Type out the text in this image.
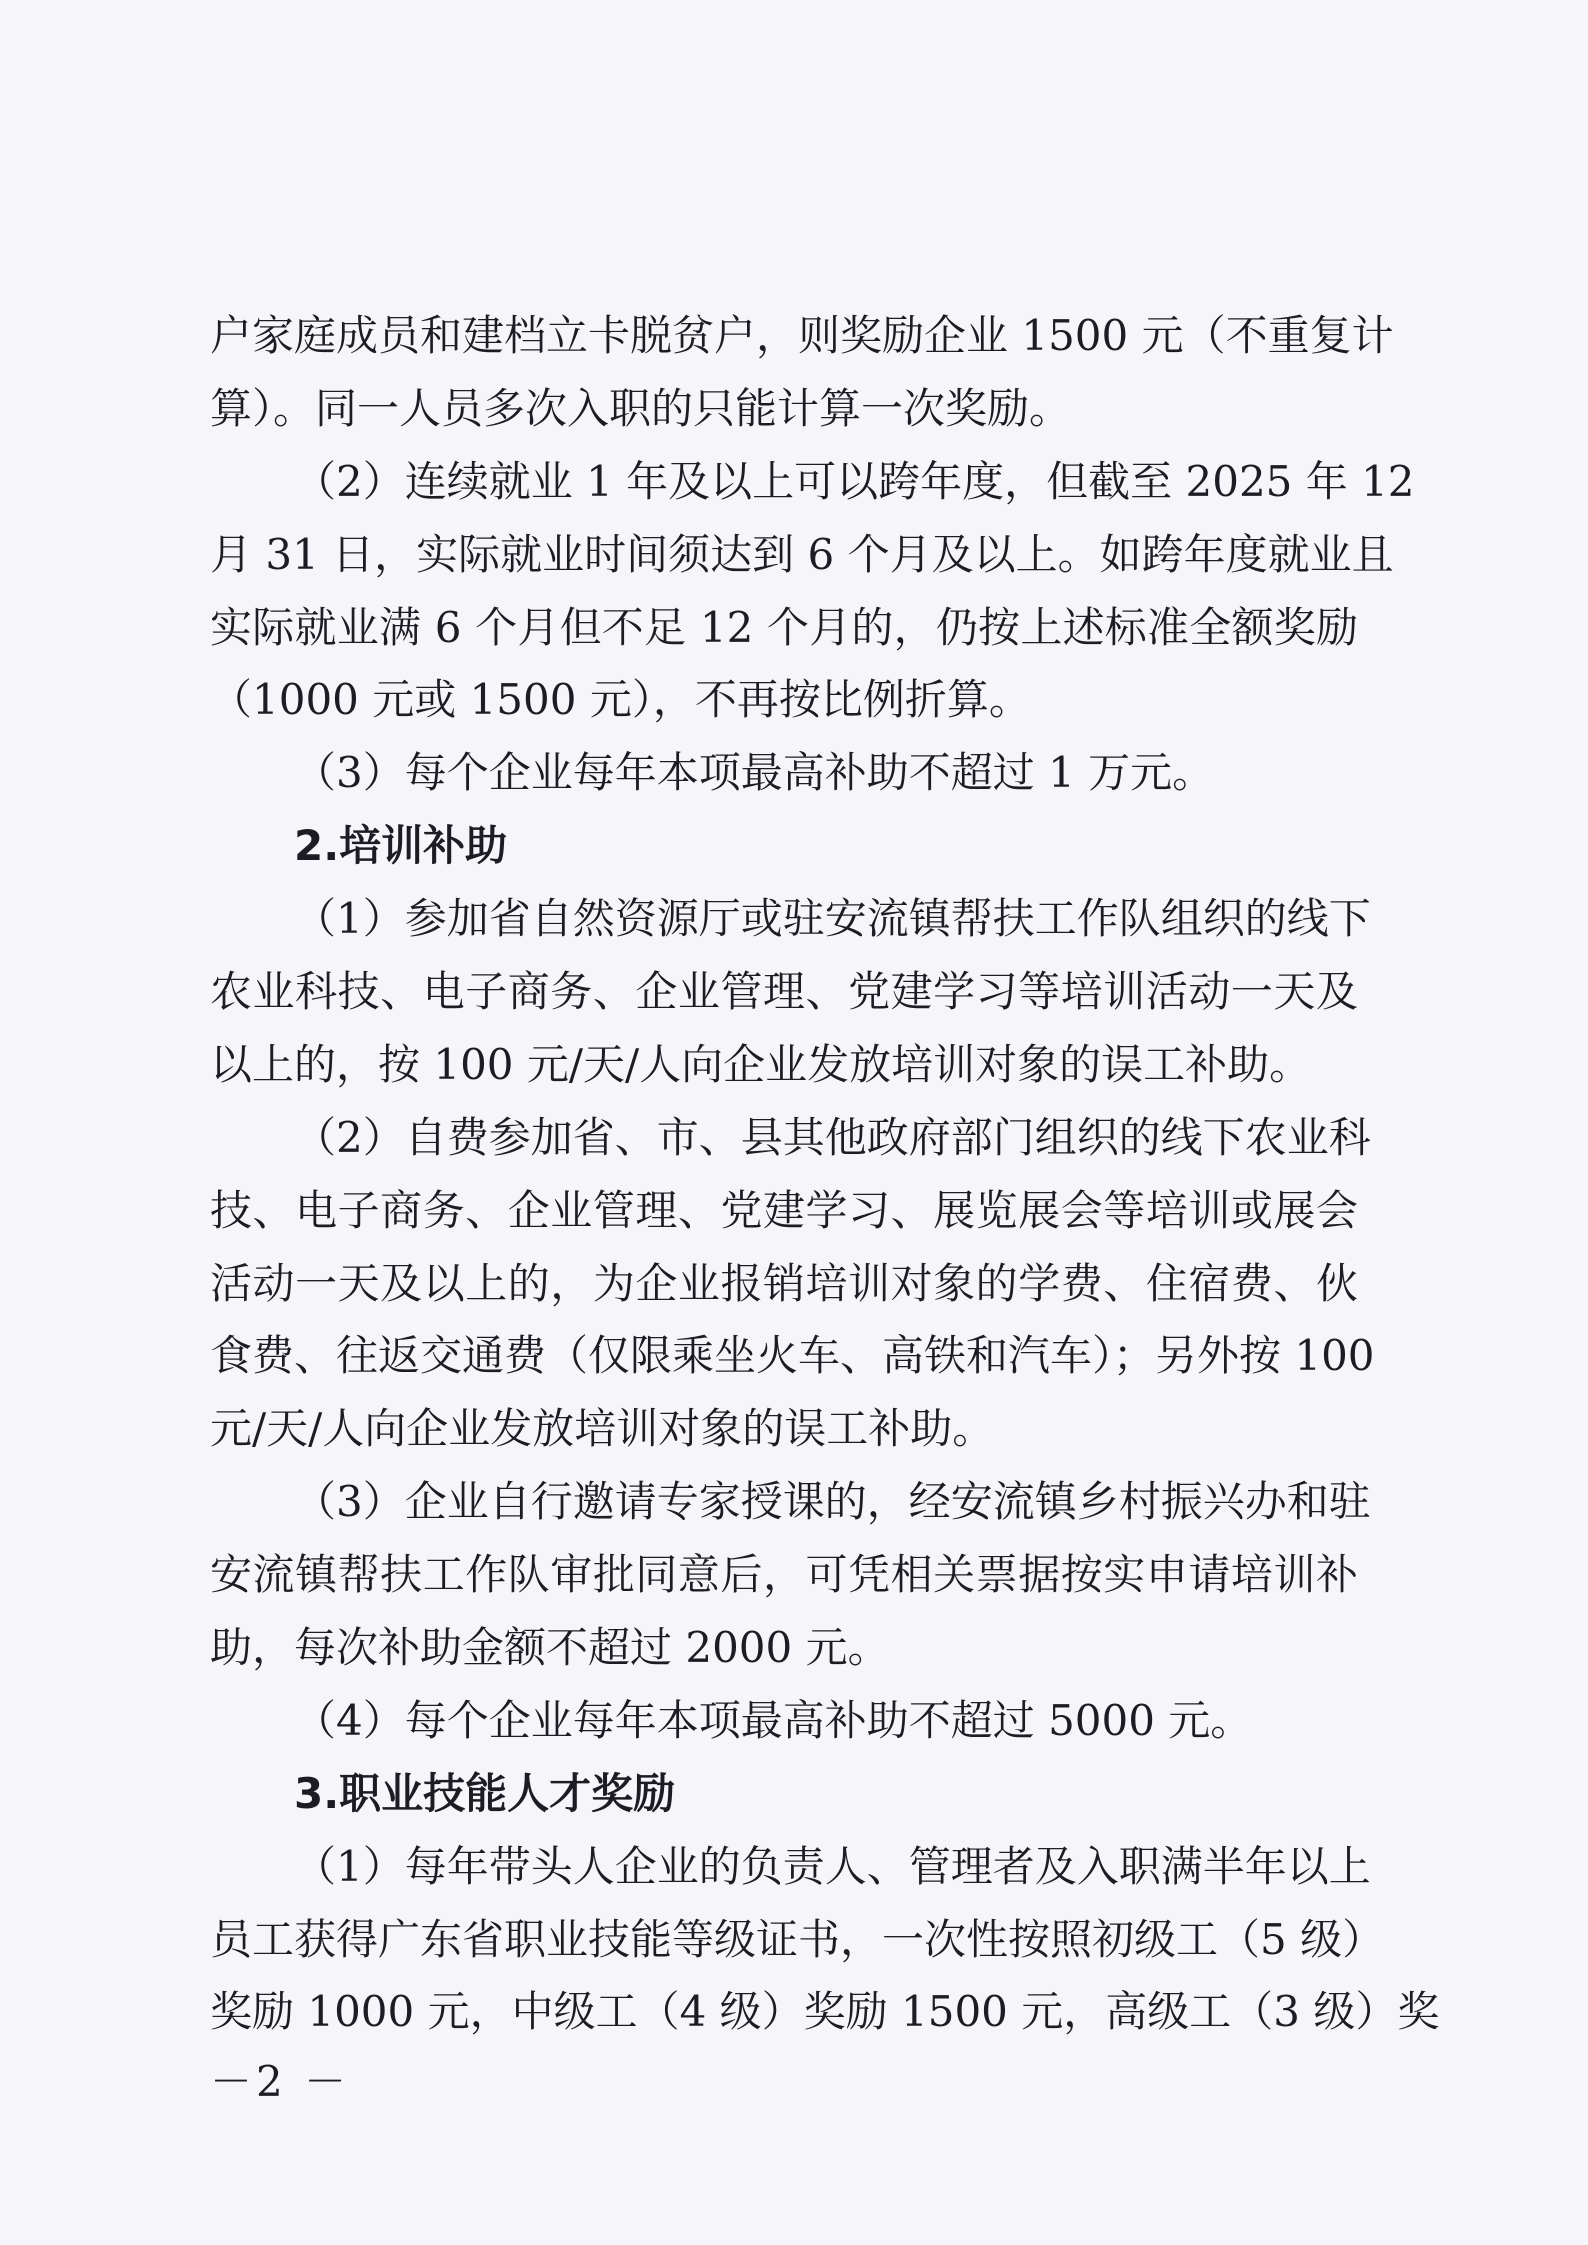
户家庭成员和建档立卡脱贫户，则奖励企业 1500 元（不重复计
算）。同一人员多次入职的只能计算一次奖励。
（2）连续就业 1 年及以上可以跨年度，但截至 2025 年 12
月 31 日，实际就业时间须达到 6 个月及以上。如跨年度就业且
实际就业满 6 个月但不足 12 个月的，仍按上述标准全额奖励
（1000 元或 1500 元），不再按比例折算。
（3）每个企业每年本项最高补助不超过 1 万元。
2.培训补助
（1）参加省自然资源厅或驻安流镇帮扶工作队组织的线下
农业科技、电子商务、企业管理、党建学习等培训活动一天及
以上的，按 100 元/天/人向企业发放培训对象的误工补助。
（2）自费参加省、市、县其他政府部门组织的线下农业科
技、电子商务、企业管理、党建学习、展览展会等培训或展会
活动一天及以上的，为企业报销培训对象的学费、住宿费、伙
食费、往返交通费（仅限乘坐火车、高铁和汽车）；另外按 100
元/天/人向企业发放培训对象的误工补助。
（3）企业自行邀请专家授课的，经安流镇乡村振兴办和驻
安流镇帮扶工作队审批同意后，可凭相关票据按实申请培训补
助，每次补助金额不超过 2000 元。
（4）每个企业每年本项最高补助不超过 5000 元。
3.职业技能人才奖励
（1）每年带头人企业的负责人、管理者及入职满半年以上
员工获得广东省职业技能等级证书，一次性按照初级工（5 级）
奖励 1000 元，中级工（4 级）奖励 1500 元，高级工（3 级）奖
－2 －
